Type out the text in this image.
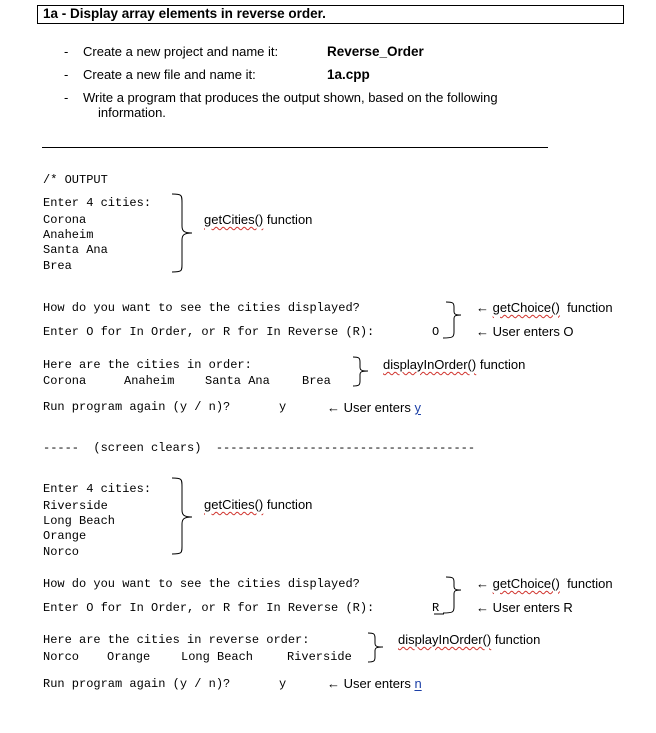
1a - Display array elements in reverse order.
- Create a new project and name it:	Reverse_Order
- Create a new file and name it:	1a.cpp
- Write a program that produces the output shown, based on the following
information.
/* OUTPUT
Enter 4 cities:
Corona
Anaheim
Santa Ana
Brea
getCities() function
How do you want to see the cities displayed?
Enter O for In Order, or R for In Reverse (R):	O
← getChoice() function
← User enters O
Here are the cities in order:
Corona	Anaheim	Santa Ana	Brea
displayInOrder() function
Run program again (y / n)?	y	← User enters y
-----  (screen clears)  ------------------------------------
Enter 4 cities:
Riverside
Long Beach
Orange
Norco
getCities() function
How do you want to see the cities displayed?
Enter O for In Order, or R for In Reverse (R):	R
← getChoice() function
← User enters R
Here are the cities in reverse order:
Norco Orange	Long Beach	Riverside
displayInOrder() function
Run program again (y / n)?	y	← User enters n
